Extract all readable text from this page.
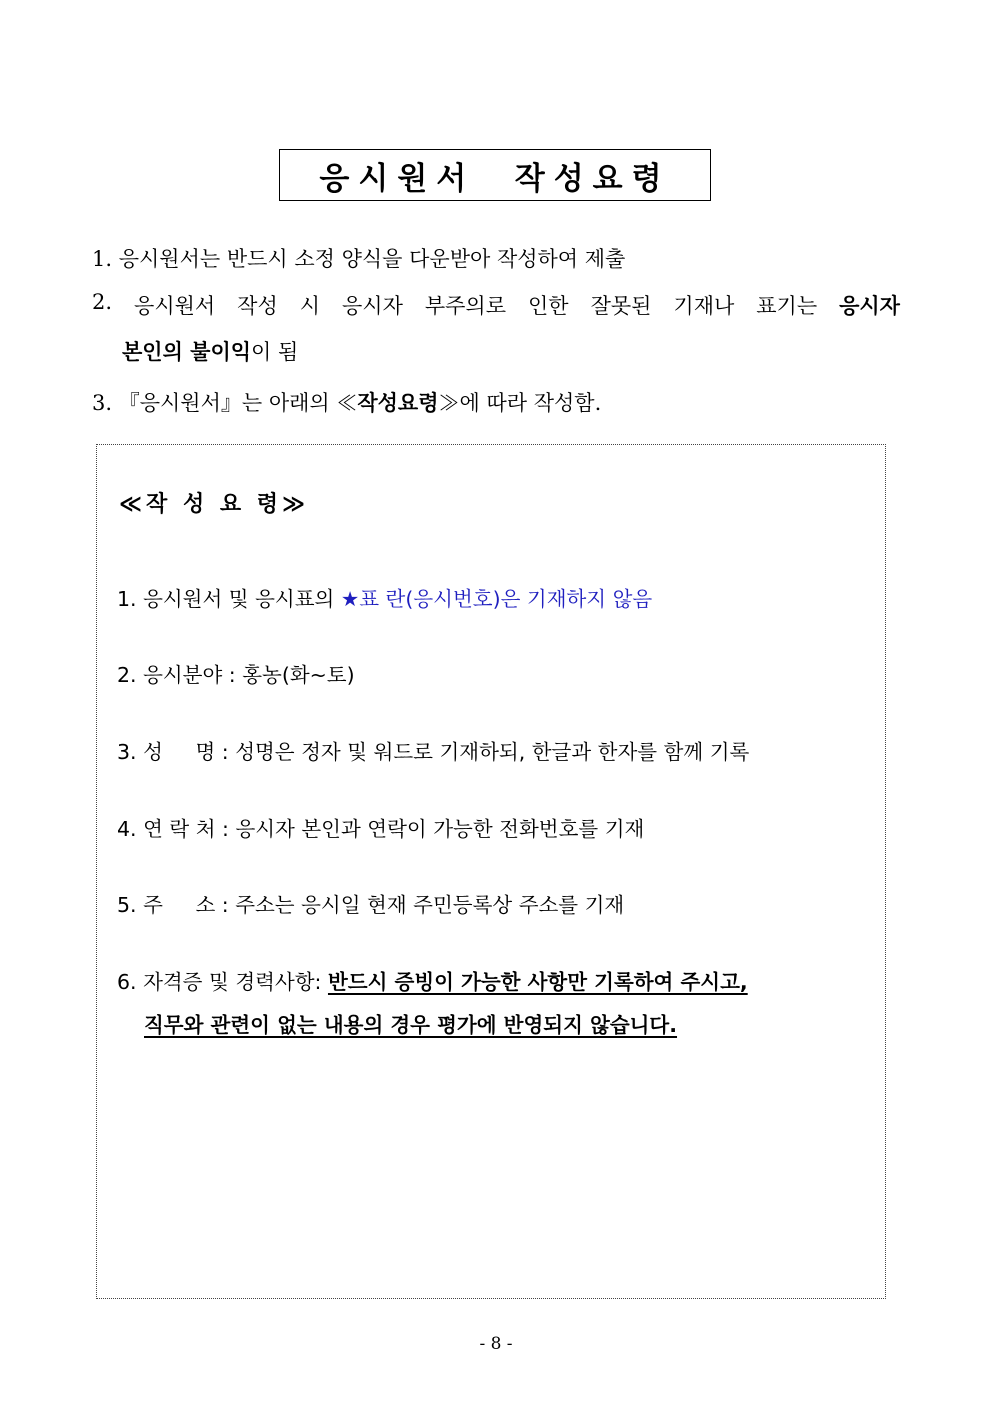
응시원서  작성요령
1. 응시원서는 반드시 소정 양식을 다운받아 작성하여 제출
2. 응시원서 작성 시 응시자 부주의로 인한 잘못된 기재나 표기는 응시자
본인의 불이익이 됨
3. 『응시원서』는 아래의 ≪작성요령≫에 따라 작성함.
≪작 성 요 령≫
1. 응시원서 및 응시표의 ★표 란(응시번호)은 기재하지 않음
2. 응시분야 : 홍농(화~토)
3. 성     명 : 성명은 정자 및 워드로 기재하되, 한글과 한자를 함께 기록
4. 연 락 처 : 응시자 본인과 연락이 가능한 전화번호를 기재
5. 주     소 : 주소는 응시일 현재 주민등록상 주소를 기재
6. 자격증 및 경력사항: 반드시 증빙이 가능한 사항만 기록하여 주시고,
직무와 관련이 없는 내용의 경우 평가에 반영되지 않습니다.
- 8 -
